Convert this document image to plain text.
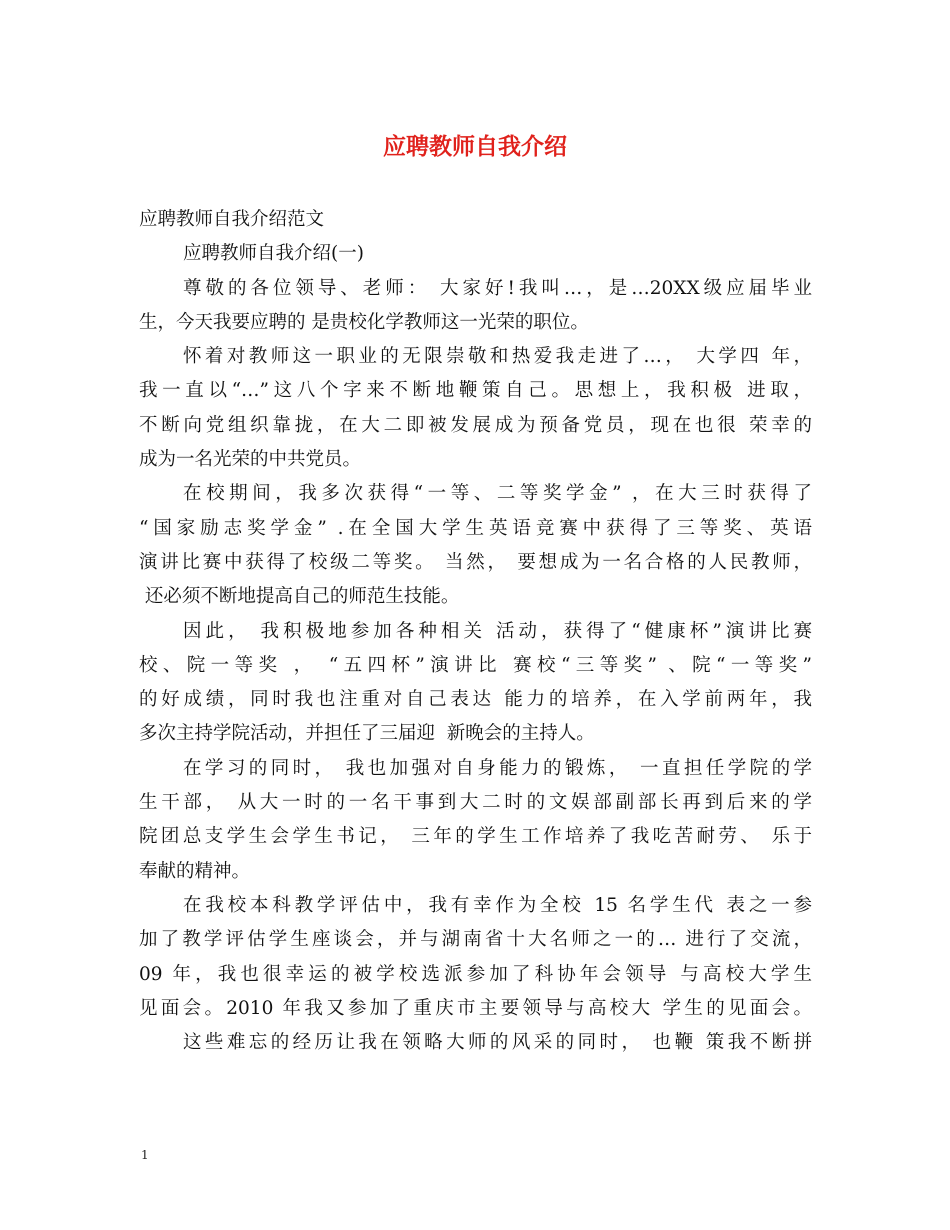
应聘教师自我介绍
应聘教师自我介绍范文
应聘教师自我介绍(一)
尊敬的各位领导、老师： 大家好!我叫…，是…20XX级应届毕业
生，今天我要应聘的 是贵校化学教师这一光荣的职位。
怀着对教师这一职业的无限崇敬和热爱我走进了…， 大学四 年，
我一直以“…”这八个字来不断地鞭策自己。思想上，我积极 进取，
不断向党组织靠拢，在大二即被发展成为预备党员，现在也很 荣幸的
成为一名光荣的中共党员。
在校期间，我多次获得“一等、二等奖学金” ，在大三时获得了
“国家励志奖学金” .在全国大学生英语竞赛中获得了三等奖、英语
演讲比赛中获得了校级二等奖。 当然， 要想成为一名合格的人民教师，
还必须不断地提高自己的师范生技能。
因此， 我积极地参加各种相关 活动，获得了“健康杯”演讲比赛
校、院一等奖 ， “五四杯”演讲比 赛校“三等奖” 、院“一等奖”
的好成绩，同时我也注重对自己表达 能力的培养，在入学前两年，我
多次主持学院活动，并担任了三届迎  新晚会的主持人。
在学习的同时， 我也加强对自身能力的锻炼， 一直担任学院的学
生干部， 从大一时的一名干事到大二时的文娱部副部长再到后来的学
院团总支学生会学生书记， 三年的学生工作培养了我吃苦耐劳、 乐于
奉献的精神。
在我校本科教学评估中，我有幸作为全校 15 名学生代 表之一参
加了教学评估学生座谈会，并与湖南省十大名师之一的… 进行了交流，
09 年，我也很幸运的被学校选派参加了科协年会领导 与高校大学生
见面会。2010 年我又参加了重庆市主要领导与高校大 学生的见面会。
这些难忘的经历让我在领略大师的风采的同时， 也鞭 策我不断拼
1
